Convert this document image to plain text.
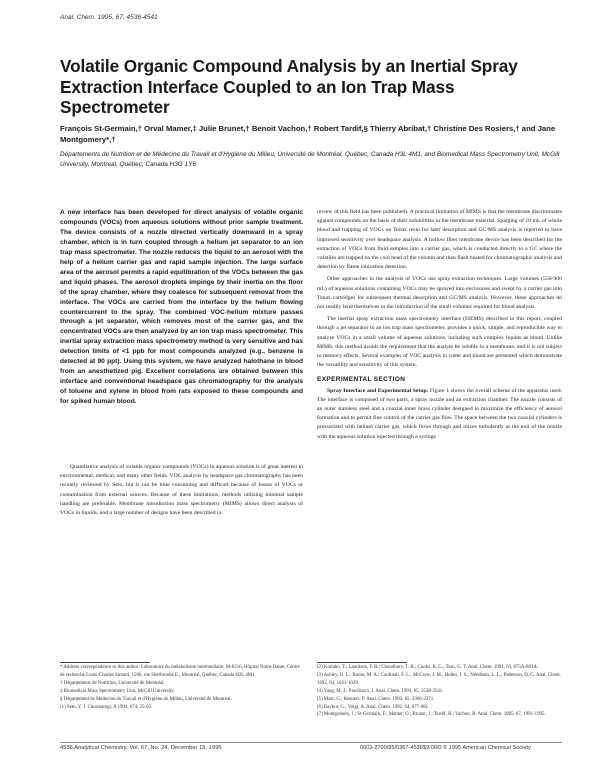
Anal. Chem. 1995, 67, 4536-4541
Volatile Organic Compound Analysis by an Inertial Spray Extraction Interface Coupled to an Ion Trap Mass Spectrometer
François St-Germain,† Orval Mamer,‡ Julie Brunet,† Benoit Vachon,† Robert Tardif,§ Thierry Abribat,† Christine Des Rosiers,† and Jane Montgomery*,†
Départements de Nutrition et de Médecine du Travail et d'Hygiène du Milieu, Université de Montréal, Québec, Canada H3L 4M1, and Biomedical Mass Spectrometry Unit, McGill University, Montreal, Québec, Canada H3G 1Y6
A new interface has been developed for direct analysis of volatile organic compounds (VOCs) from aqueous solutions without prior sample treatment. The device consists of a nozzle directed vertically downward in a spray chamber, which is in turn coupled through a helium jet separator to an ion trap mass spectrometer. The nozzle reduces the liquid to an aerosol with the help of a helium carrier gas and rapid sample injection. The large surface area of the aerosol permits a rapid equilibration of the VOCs between the gas and liquid phases. The aerosol droplets impinge by their inertia on the floor of the spray chamber, where they coalesce for subsequent removal from the interface. The VOCs are carried from the interface by the helium flowing countercurrent to the spray. The combined VOC-helium mixture passes through a jet separator, which removes most of the carrier gas, and the concentrated VOCs are then analyzed by an ion trap mass spectrometer. This inertial spray extraction mass spectrometry method is very sensitive and has detection limits of <1 ppb for most compounds analyzed (e.g., benzene is detected at 90 ppt). Using this system, we have analyzed halothane in blood from an anesthetized pig. Excellent correlations are obtained between this interface and conventional headspace gas chromatography for the analysis of toluene and xylene in blood from rats exposed to these compounds and for spiked human blood.

Quantitative analysis of volatile organic compounds (VOCs) in aqueous solution is of great interest in environmental, medical, and many other fields. VOC analysis by headspace gas chromatography has been recently reviewed by Seto, but it can be time consuming and difficult because of losses of VOCs or contamination from external sources. Because of these limitations, methods utilizing minimal sample handling are preferable. Membrane introduction mass spectrometry (MIMS) allows direct analysis of VOCs in liquids, and a large number of designs have been described (a

review of this field has been published). A practical limitation of MIMS is that the membrane discriminates against compounds on the basis of their solubilities in the membrane material. Sparging of 10 mL of whole blood and trapping of VOCs on Tenax resin for later desorption and GC/MS analysis is reported to have improved sensitivity over headspace analysis. A hollow fiber membrane device has been described for the extraction of VOCs from fluid samples into a carrier gas, which is conducted directly to a GC where the volatiles are trapped on the cool head of the column and then flash heated for chromatographic analysis and detection by flame ionization detection.

Other approaches to the analysis of VOCs use spray extraction techniques. Large volumes (550-900 mL) of aqueous solutions containing VOCs may be sprayed into enclosures and swept by a carrier gas into Tenax cartridges for subsequent thermal desorption and GC/MS analysis. However, these approaches do not readily lend themselves to the introduction of the small volumes required for blood analysis.

The inertial spray extraction mass spectrometry interface (ISEMS) described in this report, coupled through a jet separator to an ion trap mass spectrometer, provides a quick, simple, and reproducible way to analyze VOCs in a small volume of aqueous solutions, including such complex liquids as blood. Unlike MIMS, this method avoids the requirement that the analyte be soluble in a membrane, and it is not subject to memory effects. Several examples of VOC analysis in water and blood are presented which demonstrate the versatility and sensitivity of this system.

EXPERIMENTAL SECTION

Spray Interface and Experimental Setup. Figure 1 shows the overall scheme of the apparatus used. The interface is composed of two parts, a spray nozzle and an extraction chamber. The nozzle consists of an outer stainless steel and a coaxial inner brass cylinder designed to maximize the efficiency of aerosol formation and to permit fine control of the carrier gas flow. The space between the two coaxial cylinders is pressurized with helium carrier gas, which flows through and mixes turbulently at the exit of the nozzle with the aqueous solution injected through a syringe

* Address correspondence to this author: Laboratoire du métabolisme intermédiaire, M-8216, Hôpital Notre-Dame, Centre de recherche Louis-Charles Simard, 1560, rue Sherbrooke E., Montréal, Québec, Canada H2L 4M1.

† Départements de Nutrition, Université de Montréal.

‡ Biomedical Mass Spectrometry Unit, McGill University.

§ Département de Médecine du Travail et d'Hygiène du Milieu, Université de Montréal.

(1) Seto, Y. J. Chromatogr. A 1994, 674, 25-62.

(2) Kotiaho, T.; Lauritsen, F. R.; Choudhury, T. K.; Cooks, R. G.; Tsao, G. T. Anal. Chem. 1991, 63, 875A-883A.

(3) Ashley, D. L.; Bonin, M. A.; Cardinali, F. L.; McCraw, J. M.; Holler, J. S.; Needham, L. L.; Patterson, D. G. Anal. Chem. 1992, 64, 1021-1029.

(4) Yang, M. J.; Pawliszyn, J. Anal. Chem. 1993, 65, 2538-2541.

(5) Matz, G.; Kesners, P. Anal. Chem. 1993, 65, 2366-2371.

(6) Baykut, G.; Voigt, A. Anal. Chem. 1992, 64, 677-681.

(7) Montgomery, J.; St-Germain, F.; Mamer, O.; Brunet, J.; Tardif, R.; Vachon, B. Anal. Chem. 1995, 67, 1991-1995.

4536 Analytical Chemistry, Vol. 67, No. 24, December 15, 1995	0003-2700/95/0367-4536$9.00/0 © 1995 American Chemical Society
